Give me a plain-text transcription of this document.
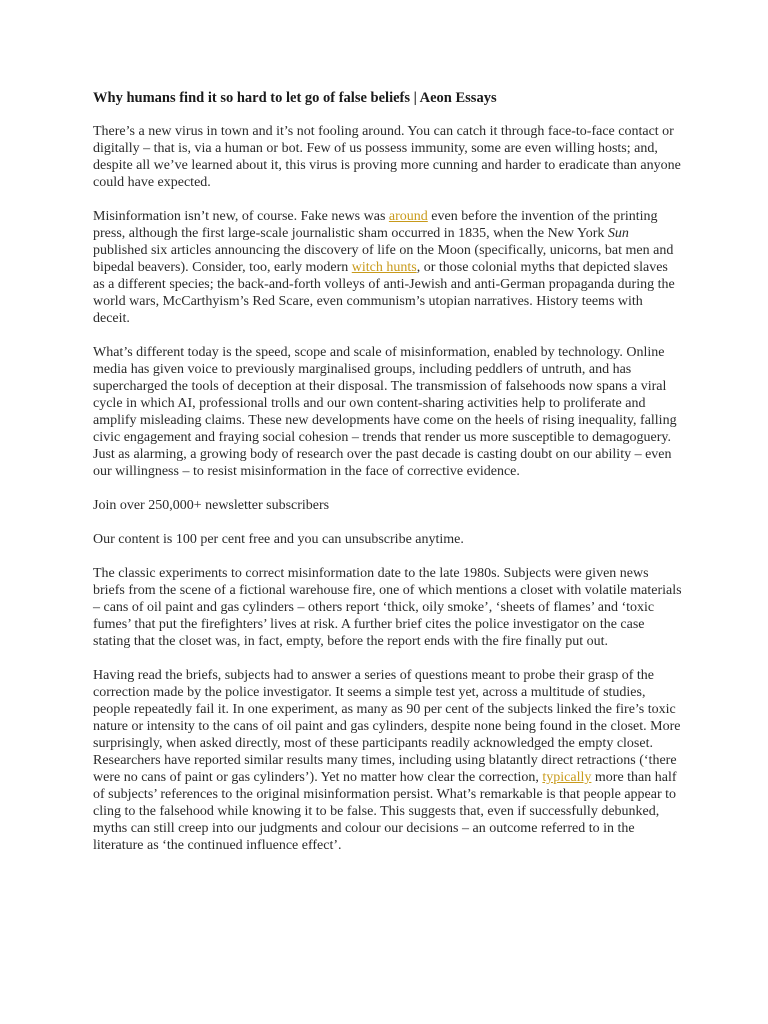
Why humans find it so hard to let go of false beliefs | Aeon Essays

There’s a new virus in town and it’s not fooling around. You can catch it through face-to-face contact or digitally – that is, via a human or bot. Few of us possess immunity, some are even willing hosts; and, despite all we’ve learned about it, this virus is proving more cunning and harder to eradicate than anyone could have expected.

Misinformation isn’t new, of course. Fake news was around even before the invention of the printing press, although the first large-scale journalistic sham occurred in 1835, when the New York Sun published six articles announcing the discovery of life on the Moon (specifically, unicorns, bat men and bipedal beavers). Consider, too, early modern witch hunts, or those colonial myths that depicted slaves as a different species; the back-and-forth volleys of anti-Jewish and anti-German propaganda during the world wars, McCarthyism’s Red Scare, even communism’s utopian narratives. History teems with deceit.

What’s different today is the speed, scope and scale of misinformation, enabled by technology. Online media has given voice to previously marginalised groups, including peddlers of untruth, and has supercharged the tools of deception at their disposal. The transmission of falsehoods now spans a viral cycle in which AI, professional trolls and our own content-sharing activities help to proliferate and amplify misleading claims. These new developments have come on the heels of rising inequality, falling civic engagement and fraying social cohesion – trends that render us more susceptible to demagoguery. Just as alarming, a growing body of research over the past decade is casting doubt on our ability – even our willingness – to resist misinformation in the face of corrective evidence.

Join over 250,000+ newsletter subscribers

Our content is 100 per cent free and you can unsubscribe anytime.

The classic experiments to correct misinformation date to the late 1980s. Subjects were given news briefs from the scene of a fictional warehouse fire, one of which mentions a closet with volatile materials – cans of oil paint and gas cylinders – others report ‘thick, oily smoke’, ‘sheets of flames’ and ‘toxic fumes’ that put the firefighters’ lives at risk. A further brief cites the police investigator on the case stating that the closet was, in fact, empty, before the report ends with the fire finally put out.

Having read the briefs, subjects had to answer a series of questions meant to probe their grasp of the correction made by the police investigator. It seems a simple test yet, across a multitude of studies, people repeatedly fail it. In one experiment, as many as 90 per cent of the subjects linked the fire’s toxic nature or intensity to the cans of oil paint and gas cylinders, despite none being found in the closet. More surprisingly, when asked directly, most of these participants readily acknowledged the empty closet. Researchers have reported similar results many times, including using blatantly direct retractions (‘there were no cans of paint or gas cylinders’). Yet no matter how clear the correction, typically more than half of subjects’ references to the original misinformation persist. What’s remarkable is that people appear to cling to the falsehood while knowing it to be false. This suggests that, even if successfully debunked, myths can still creep into our judgments and colour our decisions – an outcome referred to in the literature as ‘the continued influence effect’.
